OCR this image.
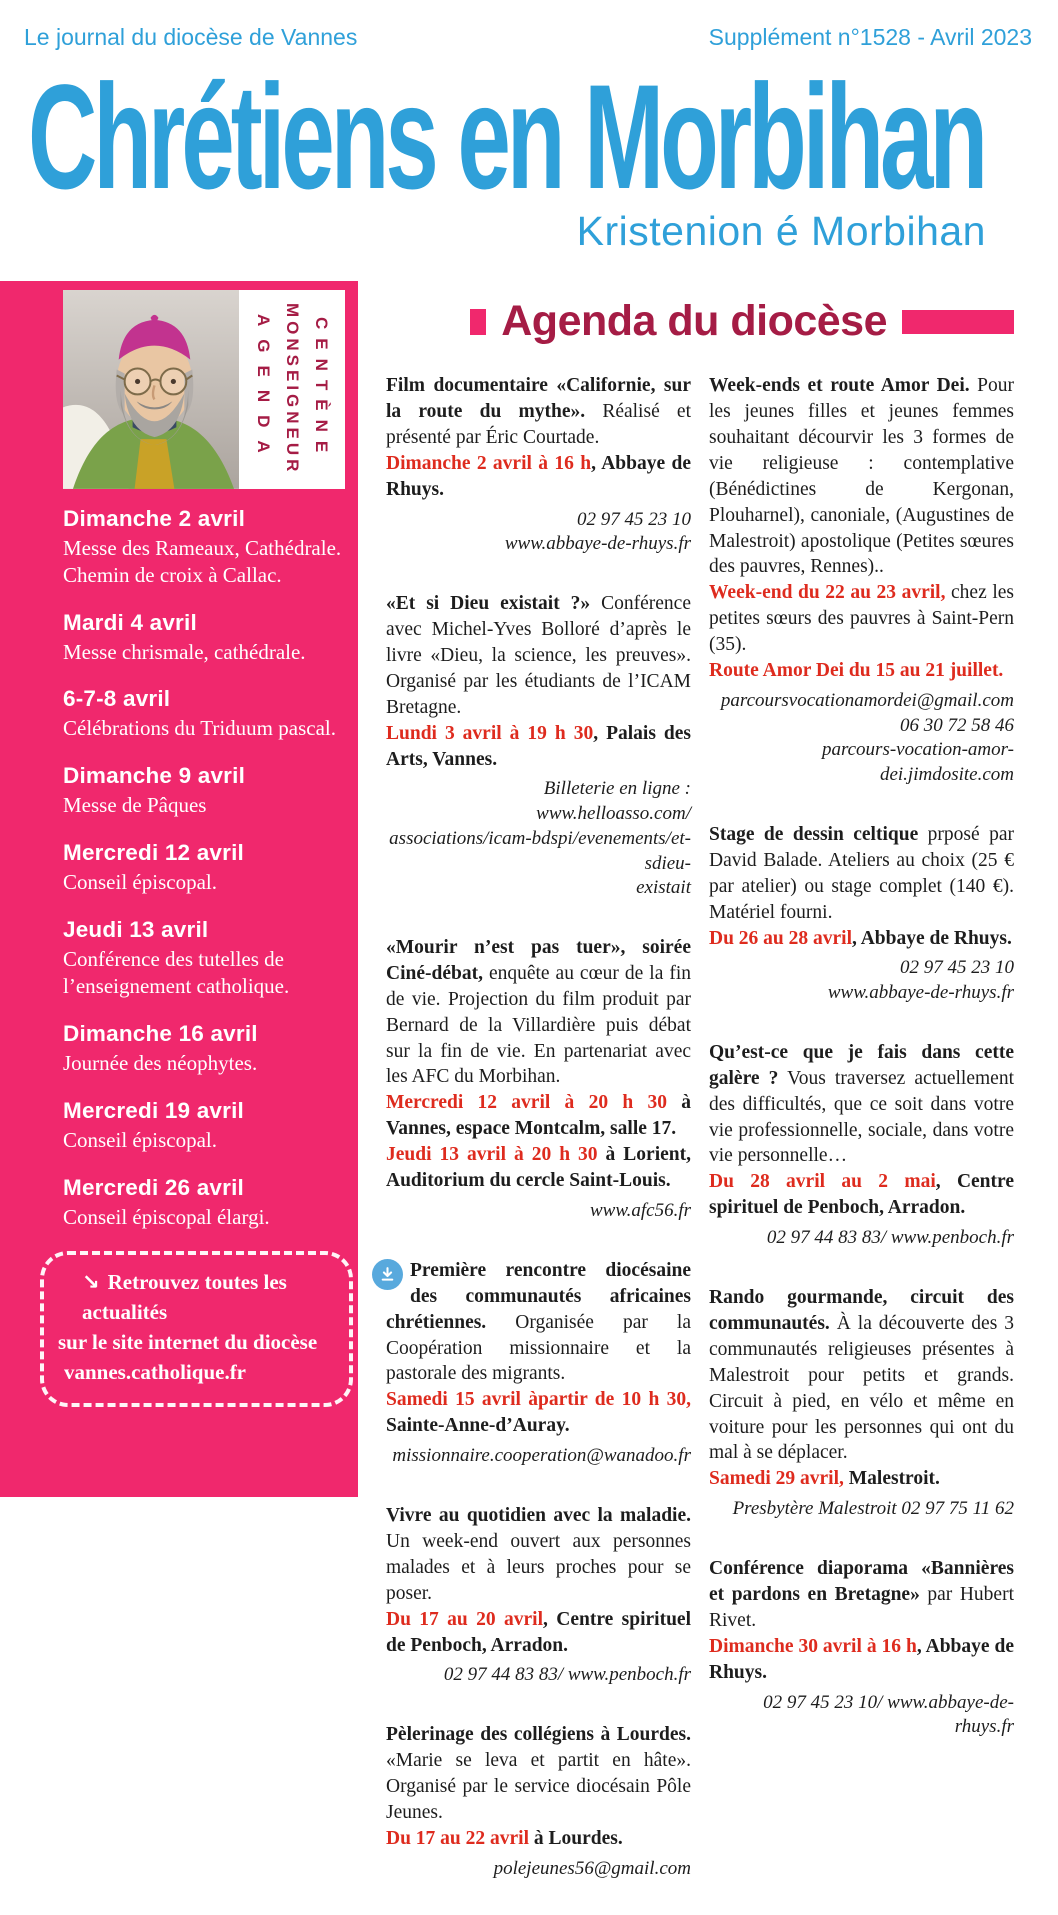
Le journal du diocèse de Vannes	Supplément n°1528 - Avril 2023
Chrétiens en Morbihan
Kristenion é Morbihan
AGENDA MONSEIGNEUR CENTÈNE
Dimanche 2 avril
Messe des Rameaux, Cathédrale.
Chemin de croix à Callac.
Mardi 4 avril
Messe chrismale, cathédrale.
6-7-8 avril
Célébrations du Triduum pascal.
Dimanche 9 avril
Messe de Pâques
Mercredi 12 avril
Conseil épiscopal.
Jeudi 13 avril
Conférence des tutelles de
l’enseignement catholique.
Dimanche 16 avril
Journée des néophytes.
Mercredi 19 avril
Conseil épiscopal.
Mercredi 26 avril
Conseil épiscopal élargi.
↘ Retrouvez toutes les actualités
sur le site internet du diocèse
vannes.catholique.fr
Agenda du diocèse

Film documentaire «Californie, sur la route du mythe». Réalisé et présenté par Éric Courtade.

Dimanche 2 avril à 16 h, Abbaye de Rhuys.

02 97 45 23 10
www.abbaye-de-rhuys.fr

«Et si Dieu existait ?» Conférence avec Michel-Yves Bolloré d’après le livre «Dieu, la science, les preuves». Organisé par les étudiants de l’ICAM Bretagne.

Lundi 3 avril à 19 h 30, Palais des Arts, Vannes.

Billeterie en ligne : www.helloasso.com/
associations/icam-bdspi/evenements/et-sdieu-
existait

«Mourir n’est pas tuer», soirée Ciné-débat, enquête au cœur de la fin de vie. Projection du film produit par Bernard de la Villardière puis débat sur la fin de vie. En partenariat avec les AFC du Morbihan.

Mercredi 12 avril à 20 h 30 à Vannes, espace Montcalm, salle 17.

Jeudi 13 avril à 20 h 30 à Lorient, Auditorium du cercle Saint-Louis.

www.afc56.fr

Première rencontre diocésaine des communautés africaines chrétiennes. Organisée par la Coopération missionnaire et la pastorale des migrants.

Samedi 15 avril àpartir de 10 h 30, Sainte-Anne-d’Auray.

missionnaire.cooperation@wanadoo.fr

Vivre au quotidien avec la maladie. Un week-end ouvert aux personnes malades et à leurs proches pour se poser.

Du 17 au 20 avril, Centre spirituel de Penboch, Arradon.

02 97 44 83 83/ www.penboch.fr

Pèlerinage des collégiens à Lourdes. «Marie se leva et partit en hâte». Organisé par le service diocésain Pôle Jeunes.

Du 17 au 22 avril à Lourdes.

polejeunes56@gmail.com

Week-ends et route Amor Dei. Pour les jeunes filles et jeunes femmes souhaitant décourvir les 3 formes de vie religieuse : contemplative (Bénédictines de Kergonan, Plouharnel), canoniale, (Augustines de Malestroit) apostolique (Petites sœures des pauvres, Rennes)..

Week-end du 22 au 23 avril, chez les petites sœurs des pauvres à Saint-Pern (35).

Route Amor Dei du 15 au 21 juillet.

parcoursvocationamordei@gmail.com
06 30 72 58 46
parcours-vocation-amor-dei.jimdosite.com

Stage de dessin celtique prposé par David Balade. Ateliers au choix (25 € par atelier) ou stage complet (140 €). Matériel fourni.

Du 26 au 28 avril, Abbaye de Rhuys.

02 97 45 23 10
www.abbaye-de-rhuys.fr

Qu’est-ce que je fais dans cette galère ? Vous traversez actuellement des difficultés, que ce soit dans votre vie professionnelle, sociale, dans votre vie personnelle…

Du 28 avril au 2 mai, Centre spirituel de Penboch, Arradon.

02 97 44 83 83/ www.penboch.fr

Rando gourmande, circuit des communautés. À la découverte des 3 communautés religieuses présentes à Malestroit pour petits et grands. Circuit à pied, en vélo et même en voiture pour les personnes qui ont du mal à se déplacer.

Samedi 29 avril, Malestroit.

Presbytère Malestroit 02 97 75 11 62

Conférence diaporama «Bannières et pardons en Bretagne» par Hubert Rivet.

Dimanche 30 avril à 16 h, Abbaye de Rhuys.

02 97 45 23 10/ www.abbaye-de-rhuys.fr
